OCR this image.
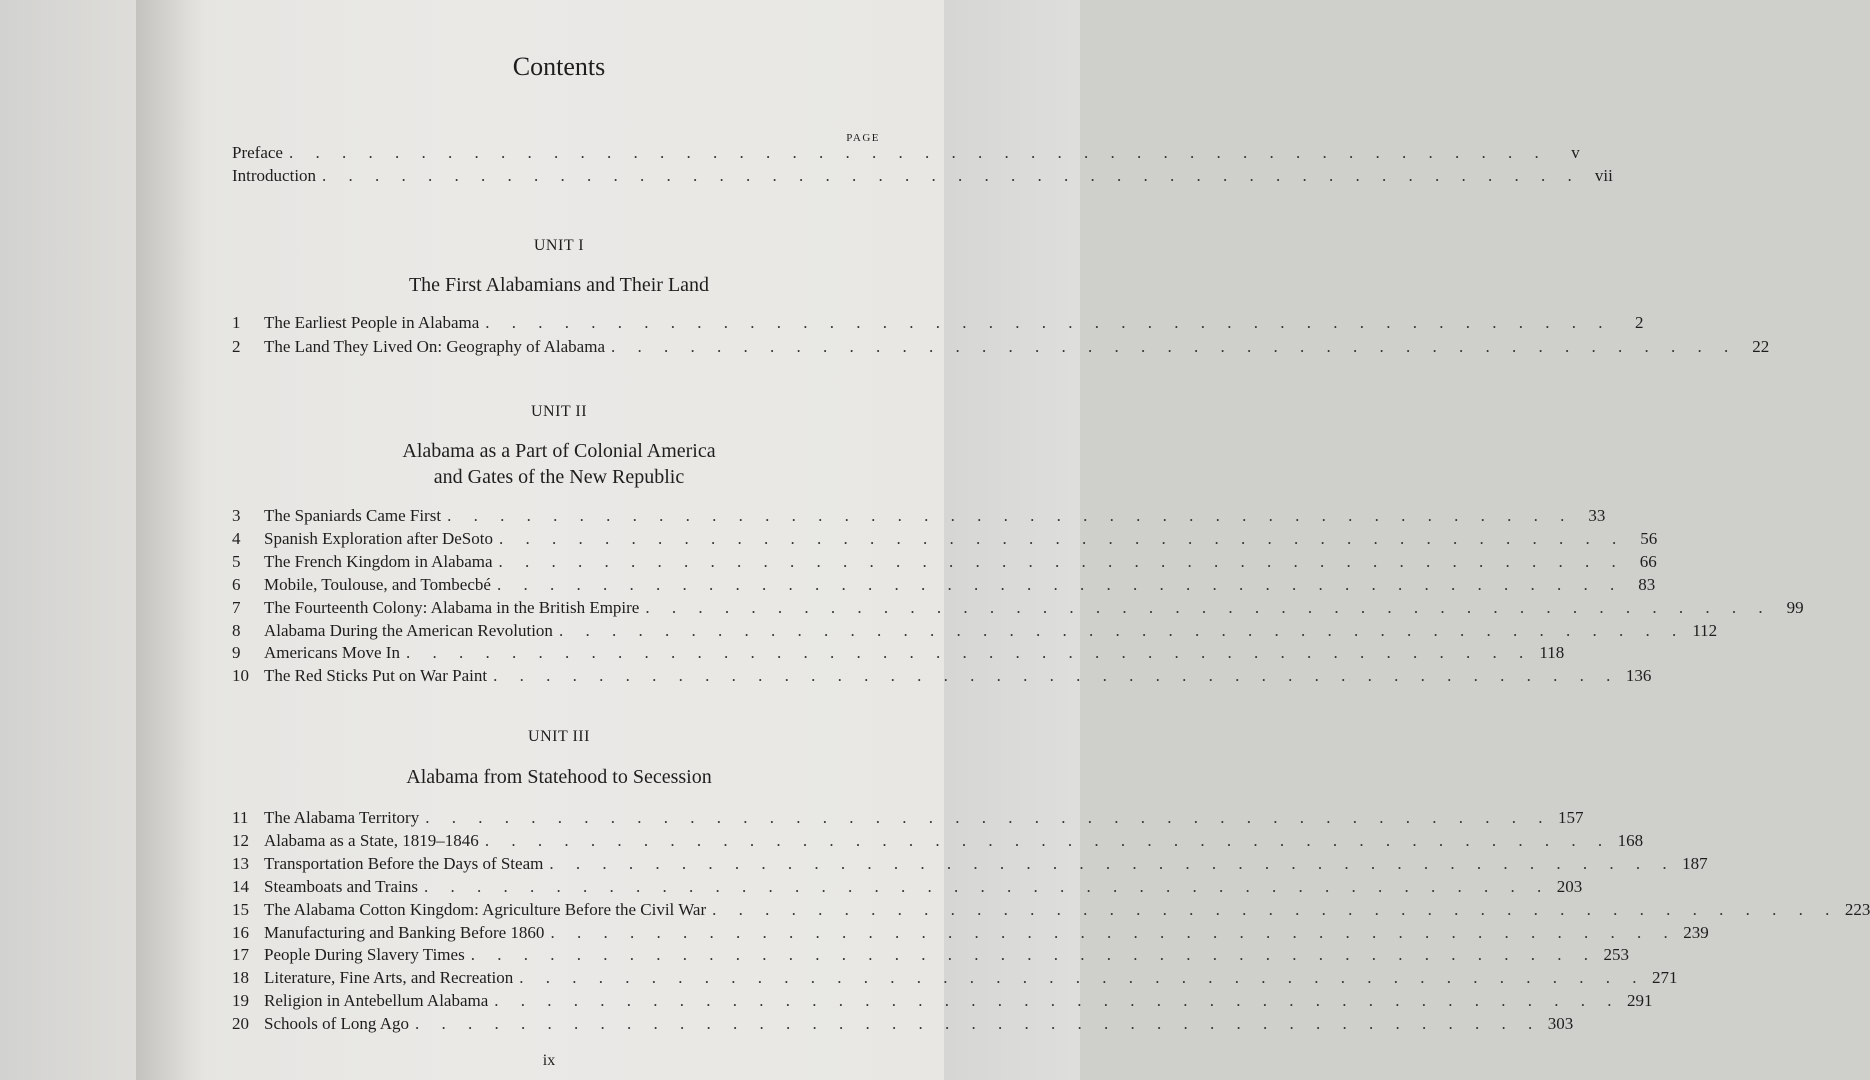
Contents
PAGE
Preface . . . . . . . . . . . . . . . . . . . . . . . . . . . . . . . . . . . . . . . . . . . . . . . .	v
Introduction . . . . . . . . . . . . . . . . . . . . . . . . . . . . . . . . . . . . . . . . . . . . . . . . vii
UNIT I
The First Alabamians and Their Land
1	The Earliest People in Alabama . . . . . . . . . . . . . . . . . . . . . . . . . . . . . . . . . . . . . . . . . . .	2
2	The Land They Lived On: Geography of Alabama . . . . . . . . . . . . . . . . . . . . . . . . . . . . . . . . . . . . . . . . . . . 22
UNIT II
Alabama as a Part of Colonial America
and Gates of the New Republic
3	The Spaniards Came First . . . . . . . . . . . . . . . . . . . . . . . . . . . . . . . . . . . . . . . . . . . 33
4	Spanish Exploration after DeSoto . . . . . . . . . . . . . . . . . . . . . . . . . . . . . . . . . . . . . . . . . . . 56
5	The French Kingdom in Alabama . . . . . . . . . . . . . . . . . . . . . . . . . . . . . . . . . . . . . . . . . . . 66
6	Mobile, Toulouse, and Tombecbé . . . . . . . . . . . . . . . . . . . . . . . . . . . . . . . . . . . . . . . . . . . 83
7	The Fourteenth Colony: Alabama in the British Empire . . . . . . . . . . . . . . . . . . . . . . . . . . . . . . . . . . . . . . . . . . . 99
8	Alabama During the American Revolution . . . . . . . . . . . . . . . . . . . . . . . . . . . . . . . . . . . . . . . . . . . 112
9	Americans Move In . . . . . . . . . . . . . . . . . . . . . . . . . . . . . . . . . . . . . . . . . . . 118
10 The Red Sticks Put on War Paint . . . . . . . . . . . . . . . . . . . . . . . . . . . . . . . . . . . . . . . . . . . 136
UNIT III
Alabama from Statehood to Secession
11 The Alabama Territory . . . . . . . . . . . . . . . . . . . . . . . . . . . . . . . . . . . . . . . . . . . 157
12 Alabama as a State, 1819–1846 . . . . . . . . . . . . . . . . . . . . . . . . . . . . . . . . . . . . . . . . . . . 168
13 Transportation Before the Days of Steam . . . . . . . . . . . . . . . . . . . . . . . . . . . . . . . . . . . . . . . . . . . 187
14 Steamboats and Trains . . . . . . . . . . . . . . . . . . . . . . . . . . . . . . . . . . . . . . . . . . . 203
15 The Alabama Cotton Kingdom: Agriculture Before the Civil War . . . . . . . . . . . . . . . . . . . . . . . . . . . . . . . . . . . . . . . . . . . 223
16 Manufacturing and Banking Before 1860 . . . . . . . . . . . . . . . . . . . . . . . . . . . . . . . . . . . . . . . . . . . 239
17 People During Slavery Times . . . . . . . . . . . . . . . . . . . . . . . . . . . . . . . . . . . . . . . . . . . 253
18 Literature, Fine Arts, and Recreation . . . . . . . . . . . . . . . . . . . . . . . . . . . . . . . . . . . . . . . . . . . 271
19 Religion in Antebellum Alabama . . . . . . . . . . . . . . . . . . . . . . . . . . . . . . . . . . . . . . . . . . . 291
20 Schools of Long Ago . . . . . . . . . . . . . . . . . . . . . . . . . . . . . . . . . . . . . . . . . . . 303
ix
